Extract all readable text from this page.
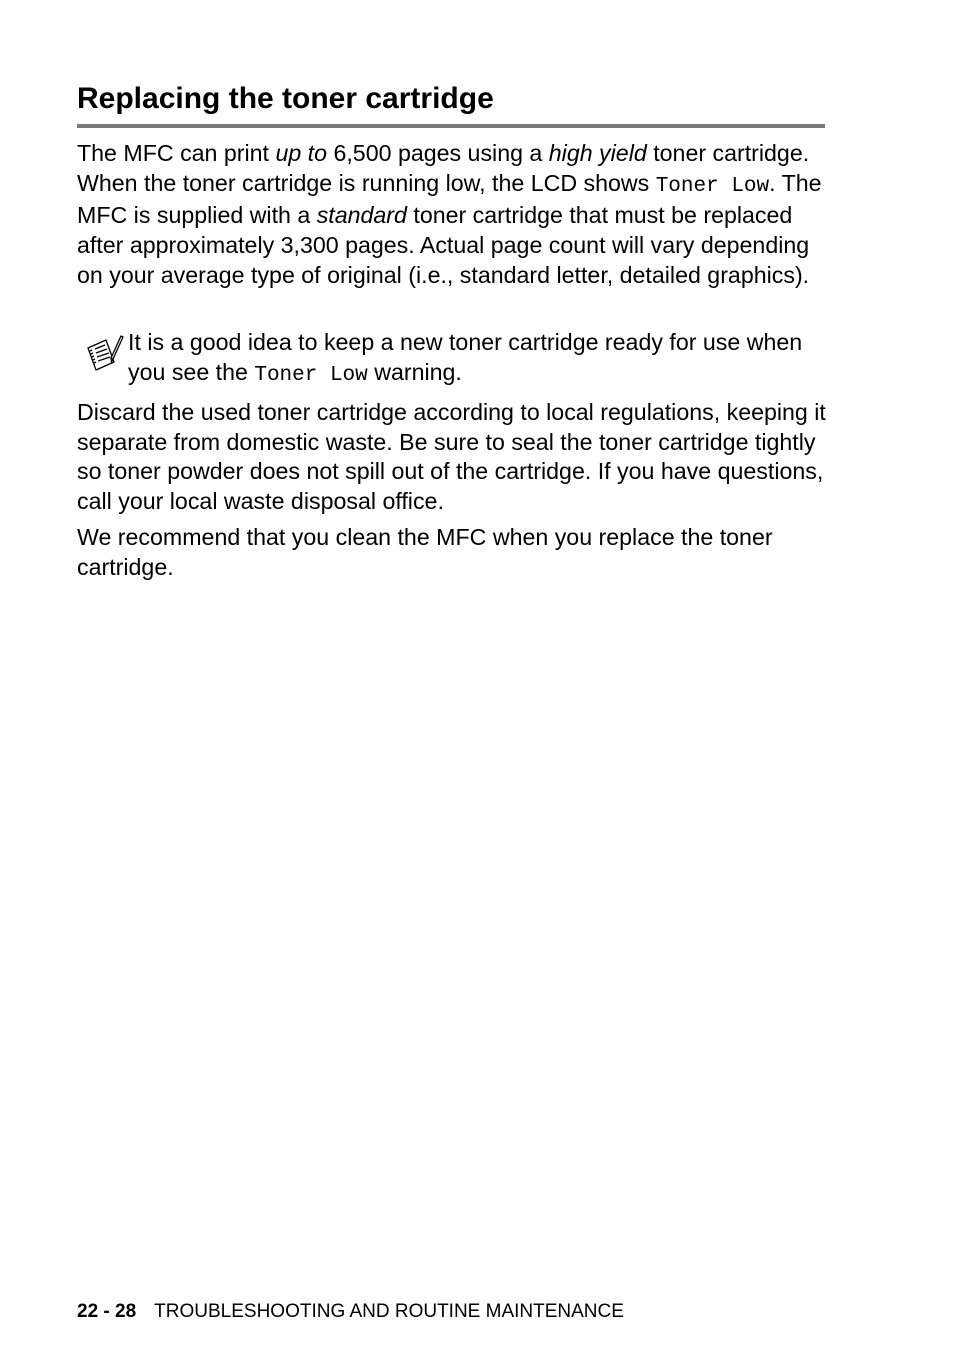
Replacing the toner cartridge

The MFC can print up to 6,500 pages using a high yield toner cartridge. When the toner cartridge is running low, the LCD shows Toner Low. The MFC is supplied with a standard toner cartridge that must be replaced after approximately 3,300 pages. Actual page count will vary depending on your average type of original (i.e., standard letter, detailed graphics).

It is a good idea to keep a new toner cartridge ready for use when you see the Toner Low warning.

Discard the used toner cartridge according to local regulations, keeping it separate from domestic waste. Be sure to seal the toner cartridge tightly so toner powder does not spill out of the cartridge. If you have questions, call your local waste disposal office.

We recommend that you clean the MFC when you replace the toner cartridge.

22 - 28 TROUBLESHOOTING AND ROUTINE MAINTENANCE
